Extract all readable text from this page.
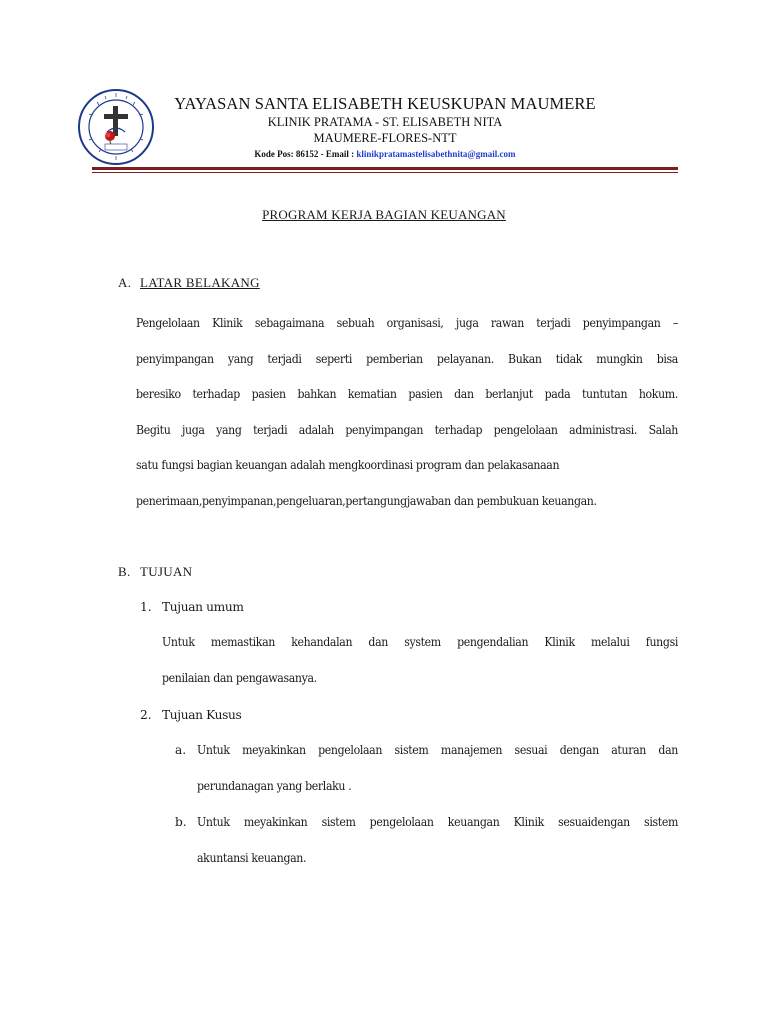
YAYASAN SANTA ELISABETH KEUSKUPAN MAUMERE
KLINIK PRATAMA - ST. ELISABETH NITA
MAUMERE-FLORES-NTT
Kode Pos: 86152 - Email : klinikpratamastelisabethnita@gmail.com
PROGRAM KERJA BAGIAN KEUANGAN
A. LATAR BELAKANG
Pengelolaan Klinik sebagaimana sebuah organisasi, juga rawan terjadi penyimpangan –
penyimpangan yang terjadi seperti pemberian pelayanan. Bukan tidak mungkin bisa
beresiko terhadap pasien bahkan kematian pasien dan berlanjut pada tuntutan hokum.
Begitu juga yang terjadi adalah penyimpangan terhadap pengelolaan administrasi. Salah
satu fungsi bagian keuangan adalah mengkoordinasi program dan pelakasanaan
penerimaan,penyimpanan,pengeluaran,pertangungjawaban dan pembukuan keuangan.
B. TUJUAN
1. Tujuan umum
Untuk memastikan kehandalan dan system pengendalian Klinik melalui fungsi
penilaian dan pengawasanya.
2. Tujuan Kusus
a. Untuk meyakinkan pengelolaan sistem manajemen sesuai dengan aturan dan
perundanagan yang berlaku .
b. Untuk meyakinkan sistem pengelolaan keuangan Klinik sesuaidengan sistem
akuntansi keuangan.
